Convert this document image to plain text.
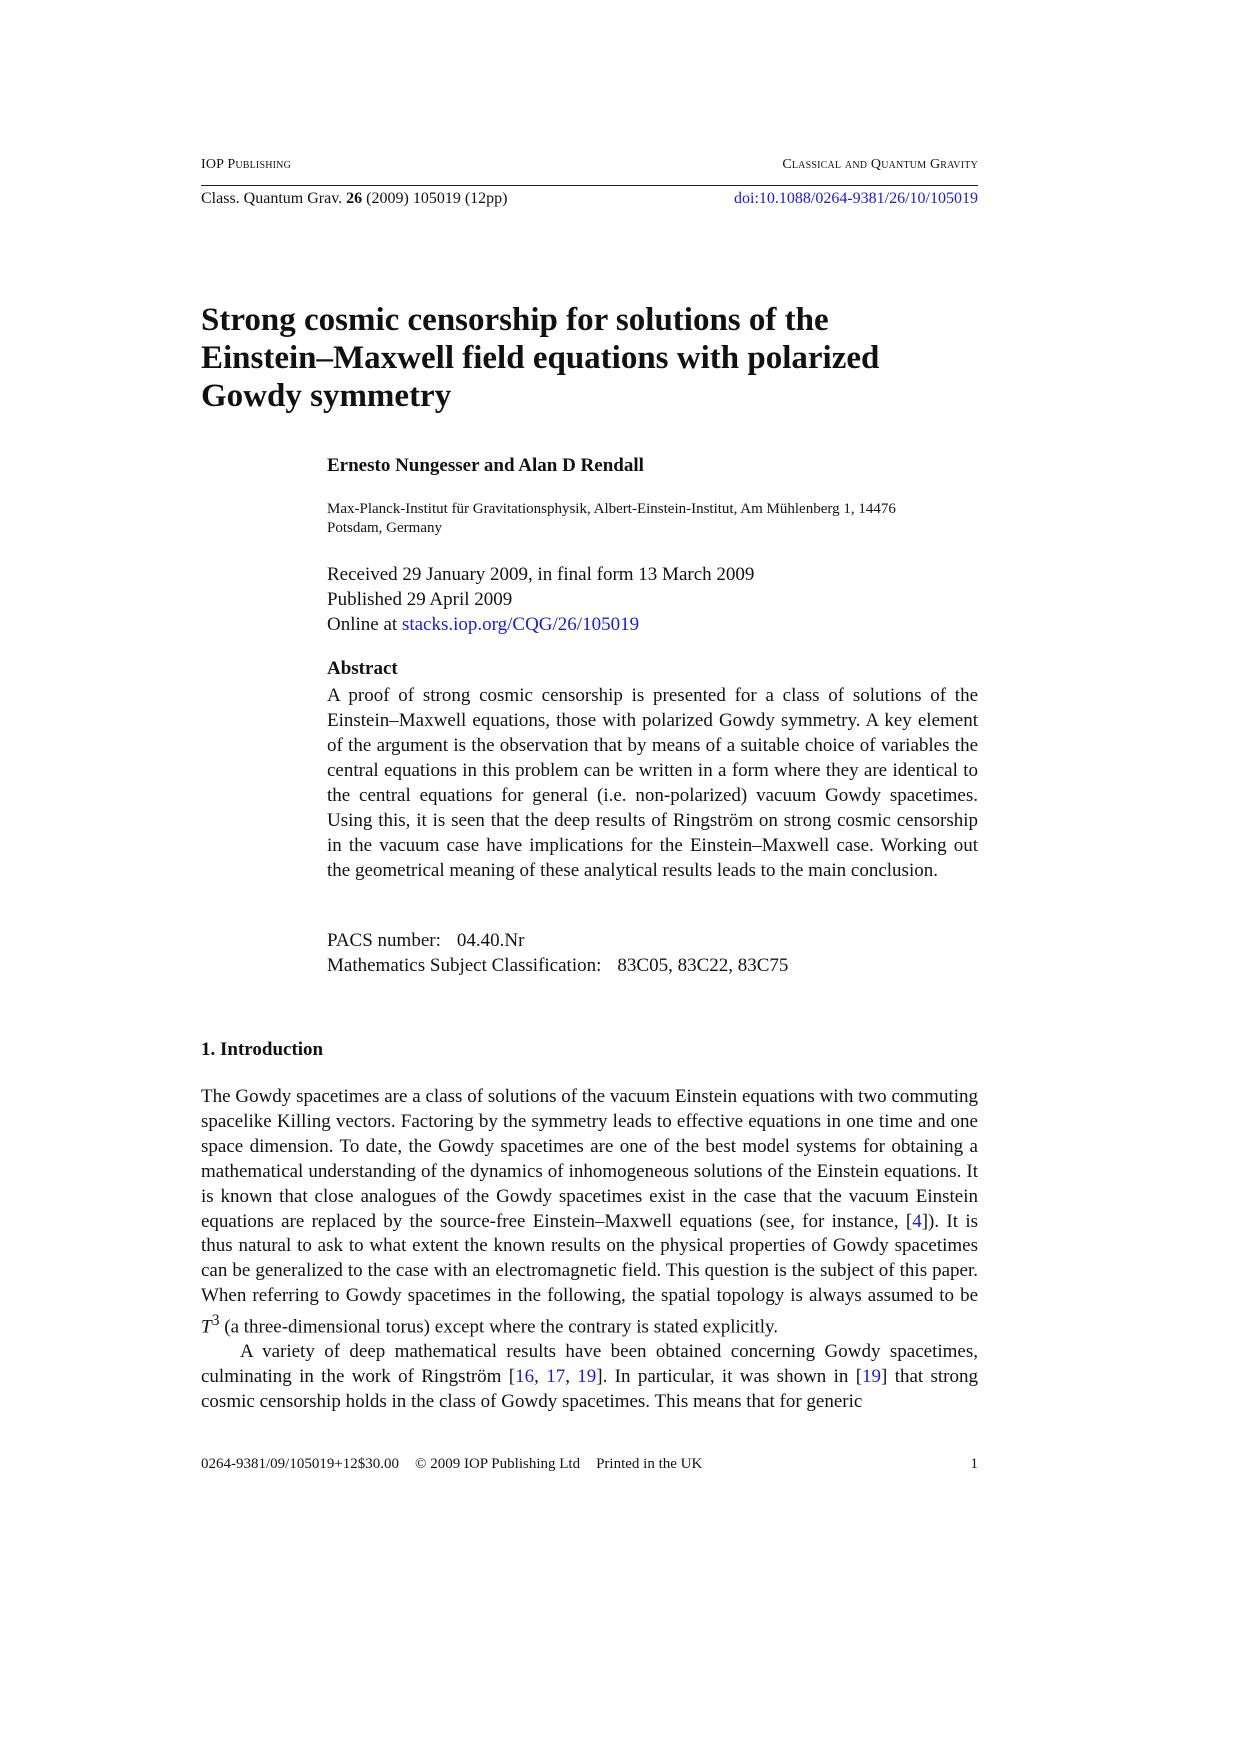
IOP Publishing	Classical and Quantum Gravity
Class. Quantum Grav. 26 (2009) 105019 (12pp)	doi:10.1088/0264-9381/26/10/105019
Strong cosmic censorship for solutions of the Einstein–Maxwell field equations with polarized Gowdy symmetry
Ernesto Nungesser and Alan D Rendall
Max-Planck-Institut für Gravitationsphysik, Albert-Einstein-Institut, Am Mühlenberg 1, 14476 Potsdam, Germany
Received 29 January 2009, in final form 13 March 2009
Published 29 April 2009
Online at stacks.iop.org/CQG/26/105019
Abstract
A proof of strong cosmic censorship is presented for a class of solutions of the Einstein–Maxwell equations, those with polarized Gowdy symmetry. A key element of the argument is the observation that by means of a suitable choice of variables the central equations in this problem can be written in a form where they are identical to the central equations for general (i.e. non-polarized) vacuum Gowdy spacetimes. Using this, it is seen that the deep results of Ringström on strong cosmic censorship in the vacuum case have implications for the Einstein–Maxwell case. Working out the geometrical meaning of these analytical results leads to the main conclusion.
PACS number: 04.40.Nr
Mathematics Subject Classification: 83C05, 83C22, 83C75
1. Introduction

The Gowdy spacetimes are a class of solutions of the vacuum Einstein equations with two commuting spacelike Killing vectors. Factoring by the symmetry leads to effective equations in one time and one space dimension. To date, the Gowdy spacetimes are one of the best model systems for obtaining a mathematical understanding of the dynamics of inhomogeneous solutions of the Einstein equations. It is known that close analogues of the Gowdy spacetimes exist in the case that the vacuum Einstein equations are replaced by the source-free Einstein–Maxwell equations (see, for instance, [4]). It is thus natural to ask to what extent the known results on the physical properties of Gowdy spacetimes can be generalized to the case with an electromagnetic field. This question is the subject of this paper. When referring to Gowdy spacetimes in the following, the spatial topology is always assumed to be $T^3$ (a three-dimensional torus) except where the contrary is stated explicitly.

A variety of deep mathematical results have been obtained concerning Gowdy spacetimes, culminating in the work of Ringström [16, 17, 19]. In particular, it was shown in [19] that strong cosmic censorship holds in the class of Gowdy spacetimes. This means that for generic

0264-9381/09/105019+12$30.00 © 2009 IOP Publishing Ltd Printed in the UK	1
